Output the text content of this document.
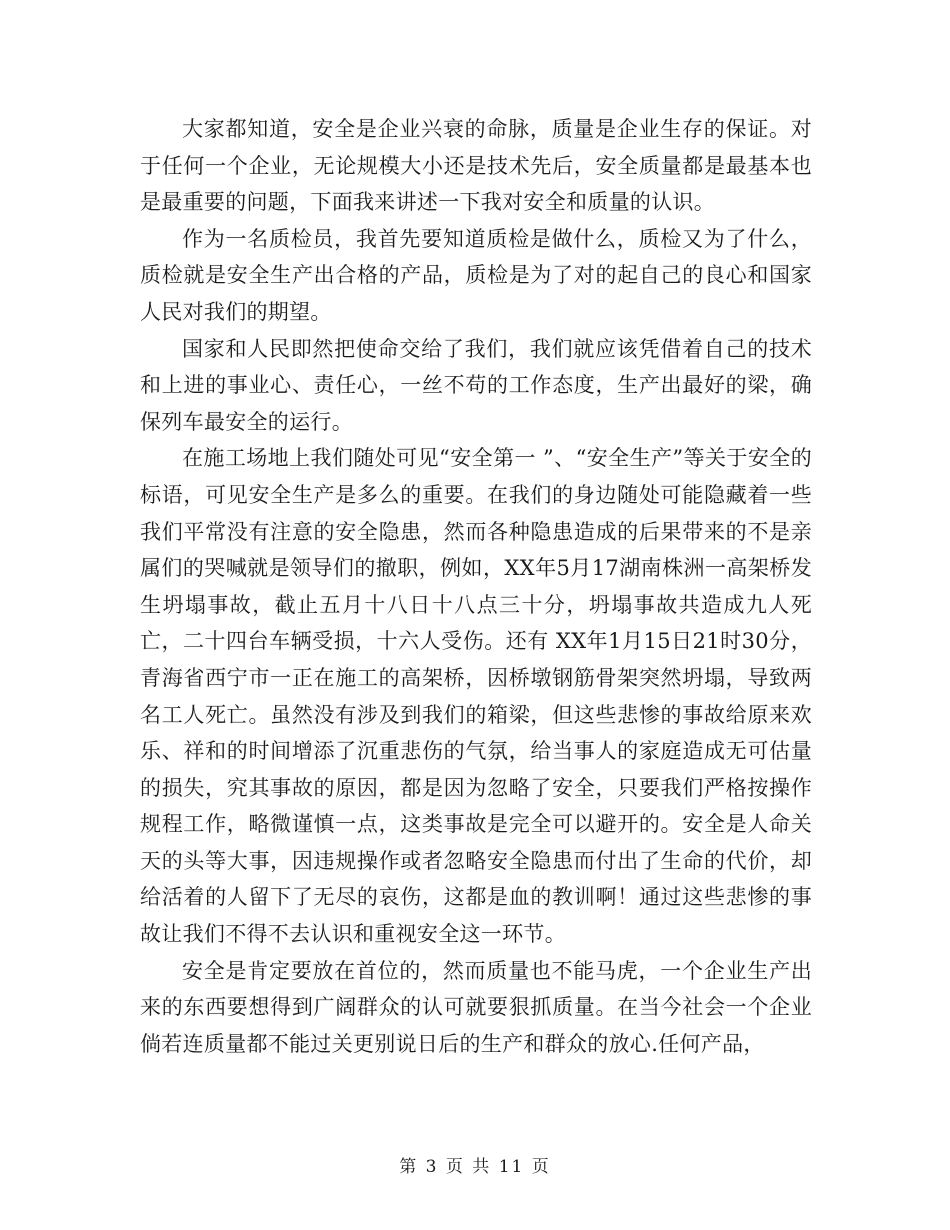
大家都知道，安全是企业兴衰的命脉，质量是企业生存的保证。对于任何一个企业，无论规模大小还是技术先后，安全质量都是最基本也是最重要的问题，下面我来讲述一下我对安全和质量的认识。

作为一名质检员，我首先要知道质检是做什么，质检又为了什么，质检就是安全生产出合格的产品，质检是为了对的起自己的良心和国家人民对我们的期望。

国家和人民即然把使命交给了我们，我们就应该凭借着自己的技术和上进的事业心、责任心，一丝不苟的工作态度，生产出最好的梁，确保列车最安全的运行。

在施工场地上我们随处可见“安全第一 ”、“安全生产”等关于安全的标语，可见安全生产是多么的重要。在我们的身边随处可能隐藏着一些我们平常没有注意的安全隐患，然而各种隐患造成的后果带来的不是亲属们的哭喊就是领导们的撤职，例如，XX年5月17湖南株洲一高架桥发生坍塌事故，截止五月十八日十八点三十分，坍塌事故共造成九人死亡，二十四台车辆受损，十六人受伤。还有 XX年1月15日21时30分，青海省西宁市一正在施工的高架桥，因桥墩钢筋骨架突然坍塌，导致两名工人死亡。虽然没有涉及到我们的箱梁，但这些悲惨的事故给原来欢乐、祥和的时间增添了沉重悲伤的气氛，给当事人的家庭造成无可估量的损失，究其事故的原因，都是因为忽略了安全，只要我们严格按操作规程工作，略微谨慎一点，这类事故是完全可以避开的。安全是人命关天的头等大事，因违规操作或者忽略安全隐患而付出了生命的代价，却给活着的人留下了无尽的哀伤，这都是血的教训啊！通过这些悲惨的事故让我们不得不去认识和重视安全这一环节。

安全是肯定要放在首位的，然而质量也不能马虎，一个企业生产出来的东西要想得到广阔群众的认可就要狠抓质量。在当今社会一个企业倘若连质量都不能过关更别说日后的生产和群众的放心.任何产品，

第 3 页 共 11 页
